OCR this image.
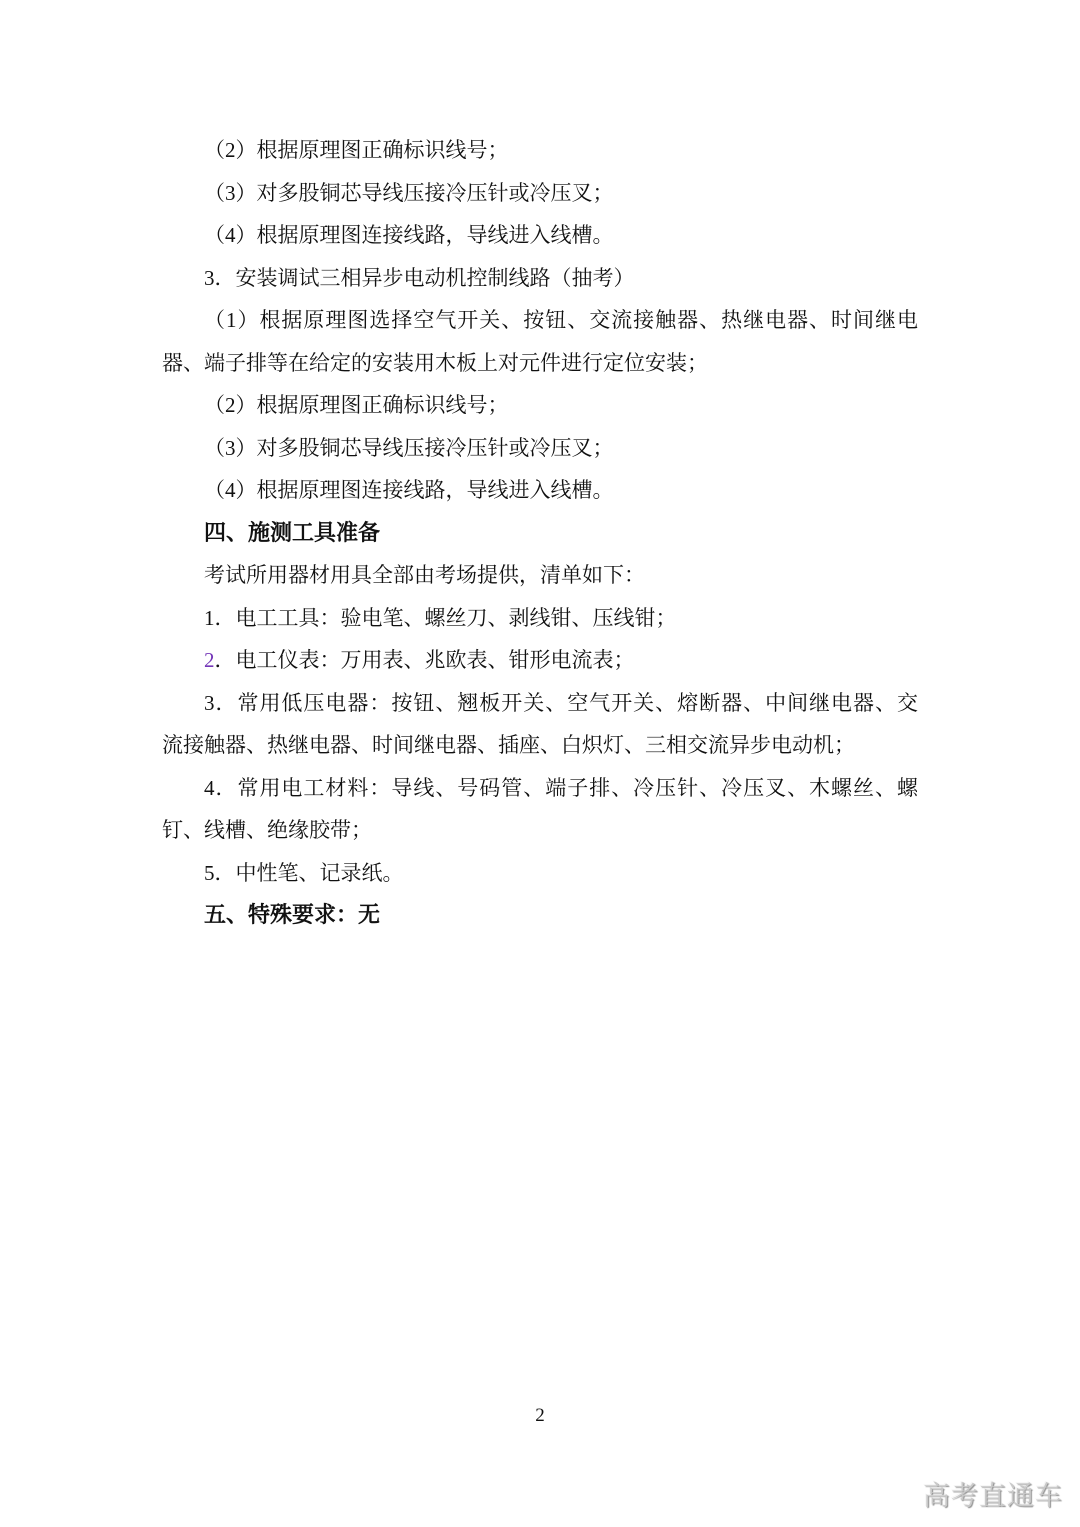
（2）根据原理图正确标识线号；
（3）对多股铜芯导线压接冷压针或冷压叉；
（4）根据原理图连接线路，导线进入线槽。
3．安装调试三相异步电动机控制线路（抽考）
（1）根据原理图选择空气开关、按钮、交流接触器、热继电器、时间继电
器、端子排等在给定的安装用木板上对元件进行定位安装；
（2）根据原理图正确标识线号；
（3）对多股铜芯导线压接冷压针或冷压叉；
（4）根据原理图连接线路，导线进入线槽。
四、施测工具准备
考试所用器材用具全部由考场提供，清单如下：
1．电工工具：验电笔、螺丝刀、剥线钳、压线钳；
2．电工仪表：万用表、兆欧表、钳形电流表；
3．常用低压电器：按钮、翘板开关、空气开关、熔断器、中间继电器、交
流接触器、热继电器、时间继电器、插座、白炽灯、三相交流异步电动机；
4．常用电工材料：导线、号码管、端子排、冷压针、冷压叉、木螺丝、螺
钉、线槽、绝缘胶带；
5．中性笔、记录纸。
五、特殊要求：无
2
高考直通车
